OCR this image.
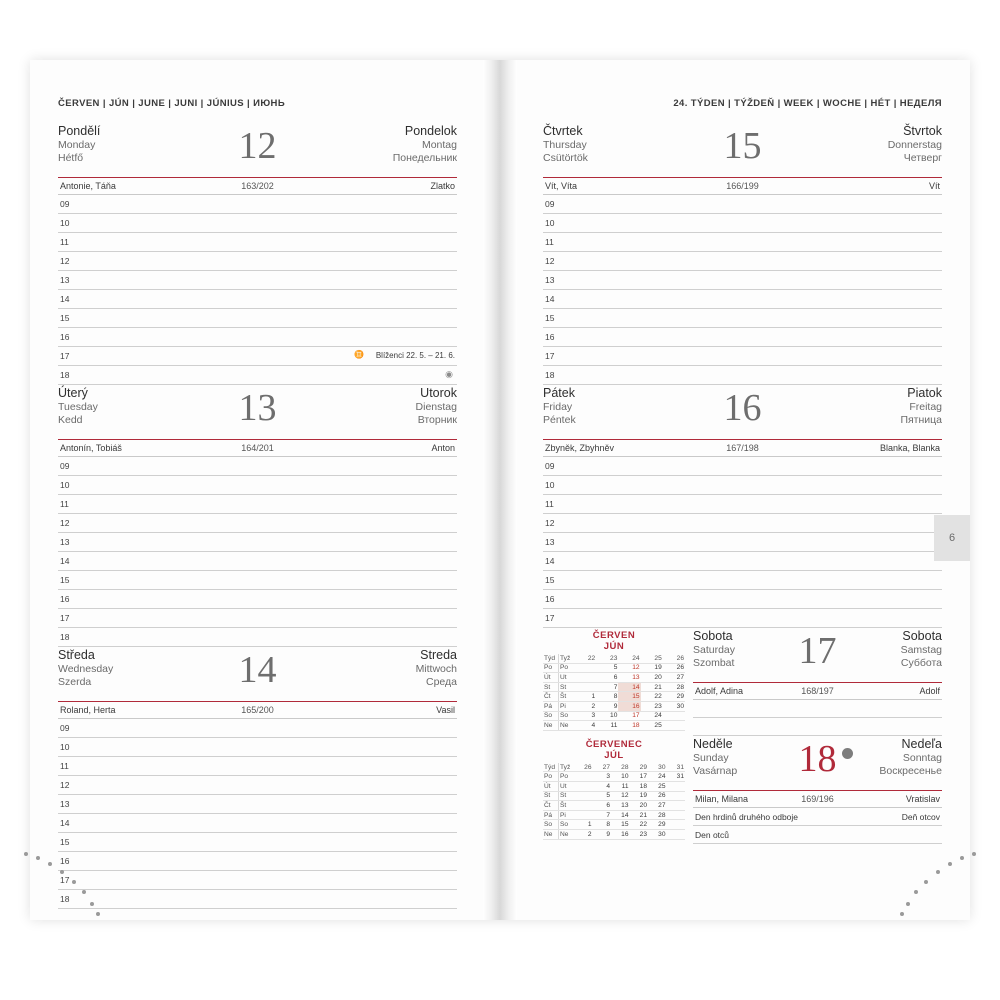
ČERVEN | JÚN | JUNE | JUNI | JÚNIUS | ИЮНЬ
Pondělí
Monday
Hétfő	12	Pondelok
Montag
Понедельник
Antonie, Táňa	163/202	Zlatko
09
10
11
12
13
14
15
16
17	♊ Blíženci 22. 5. – 21. 6.
18	◉
Úterý
Tuesday
Kedd	13	Utorok
Dienstag
Вторник
Antonín, Tobiáš	164/201	Anton
09
10
11
12
13
14
15
16
17
18
Středa
Wednesday
Szerda	14	Streda
Mittwoch
Среда
Roland, Herta	165/200	Vasil
09
10
11
12
13
14
15
16
17
18
24. TÝDEN | TÝŽDEŇ | WEEK | WOCHE | HÉT | НЕДЕЛЯ
Čtvrtek
Thursday
Csütörtök	15	Štvrtok
Donnerstag
Четверг
Vít, Víta	166/199	Vít
09
10
11
12
13
14
15
16
17
18
Pátek
Friday
Péntek	16	Piatok
Freitag
Пятница
Zbyněk, Zbyhněv	167/198	Blanka, Blanka
09
10
11
12
13
14
15
16
17
ČERVEN
JÚN
Týd	Tyž	22	23	24	25	26
Po	Po		5	12	19	26
Út	Ut		6	13	20	27
St	St		7	14	21	28
Čt	Št	1	8	15	22	29
Pá	Pi	2	9	16	23	30
So	So	3	10	17	24	
Ne	Ne	4	11	18	25	
ČERVENEC
JÚL
Týd	Tyž	26	27	28	29	30	31
Po	Po		3	10	17	24	31
Út	Ut		4	11	18	25	
St	St		5	12	19	26	
Čt	Št		6	13	20	27	
Pá	Pi		7	14	21	28	
So	So	1	8	15	22	29	
Ne	Ne	2	9	16	23	30	
Sobota
Saturday
Szombat	17	Sobota
Samstag
Суббота
Adolf, Adina	168/197	Adolf
Neděle
Sunday
Vasárnap	18	Nedeľa
Sonntag
Воскресенье
Milan, Milana	169/196	Vratislav
Den hrdinů druhého odboje	Deň otcov
Den otců
6
